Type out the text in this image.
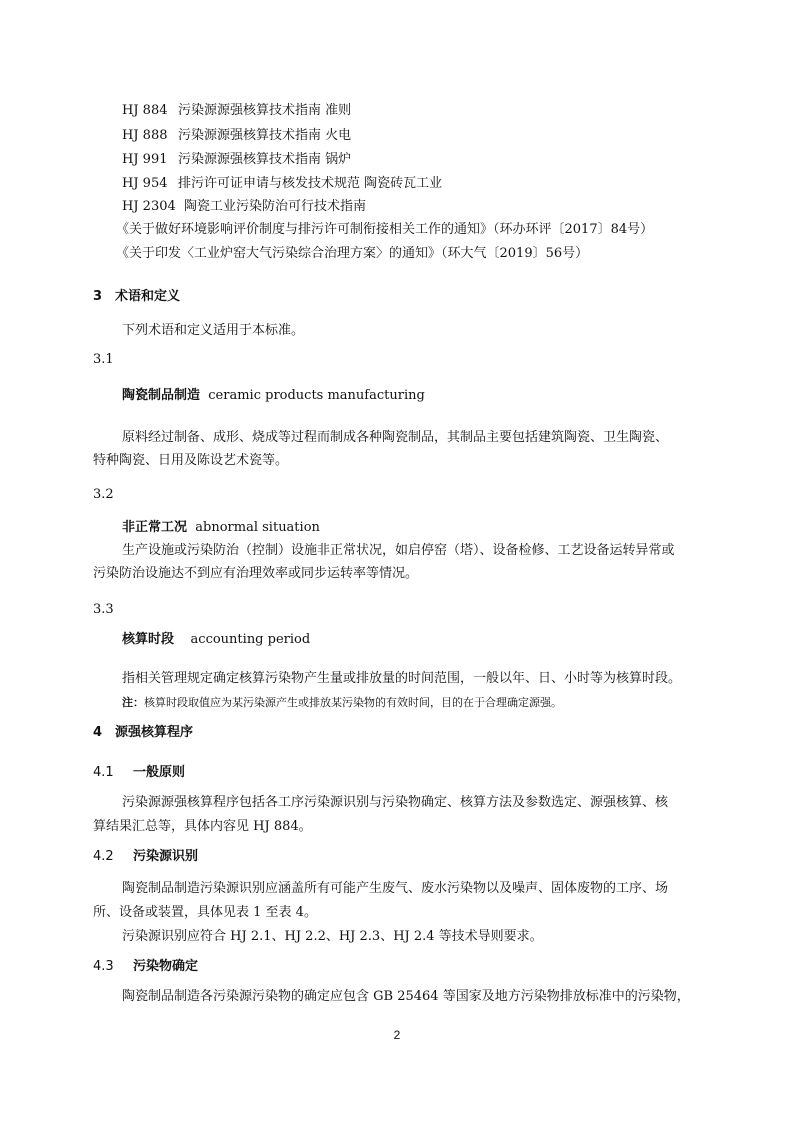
HJ 884 污染源源强核算技术指南 准则
HJ 888 污染源源强核算技术指南 火电
HJ 991 污染源源强核算技术指南 锅炉
HJ 954 排污许可证申请与核发技术规范 陶瓷砖瓦工业
HJ 2304 陶瓷工业污染防治可行技术指南
《关于做好环境影响评价制度与排污许可制衔接相关工作的通知》（环办环评〔2017〕84号）
《关于印发〈工业炉窑大气污染综合治理方案〉的通知》（环大气〔2019〕56号）
3 术语和定义
下列术语和定义适用于本标准。
3.1
陶瓷制品制造 ceramic products manufacturing
原料经过制备、成形、烧成等过程而制成各种陶瓷制品，其制品主要包括建筑陶瓷、卫生陶瓷、
特种陶瓷、日用及陈设艺术瓷等。
3.2
非正常工况 abnormal situation
生产设施或污染防治（控制）设施非正常状况，如启停窑（塔）、设备检修、工艺设备运转异常或
污染防治设施达不到应有治理效率或同步运转率等情况。
3.3
核算时段 accounting period
指相关管理规定确定核算污染物产生量或排放量的时间范围，一般以年、日、小时等为核算时段。
注：核算时段取值应为某污染源产生或排放某污染物的有效时间，目的在于合理确定源强。
4 源强核算程序
4.1 一般原则
污染源源强核算程序包括各工序污染源识别与污染物确定、核算方法及参数选定、源强核算、核
算结果汇总等，具体内容见 HJ 884。
4.2 污染源识别
陶瓷制品制造污染源识别应涵盖所有可能产生废气、废水污染物以及噪声、固体废物的工序、场
所、设备或装置，具体见表 1 至表 4。
污染源识别应符合 HJ 2.1、HJ 2.2、HJ 2.3、HJ 2.4 等技术导则要求。
4.3 污染物确定
陶瓷制品制造各污染源污染物的确定应包含 GB 25464 等国家及地方污染物排放标准中的污染物，
2
